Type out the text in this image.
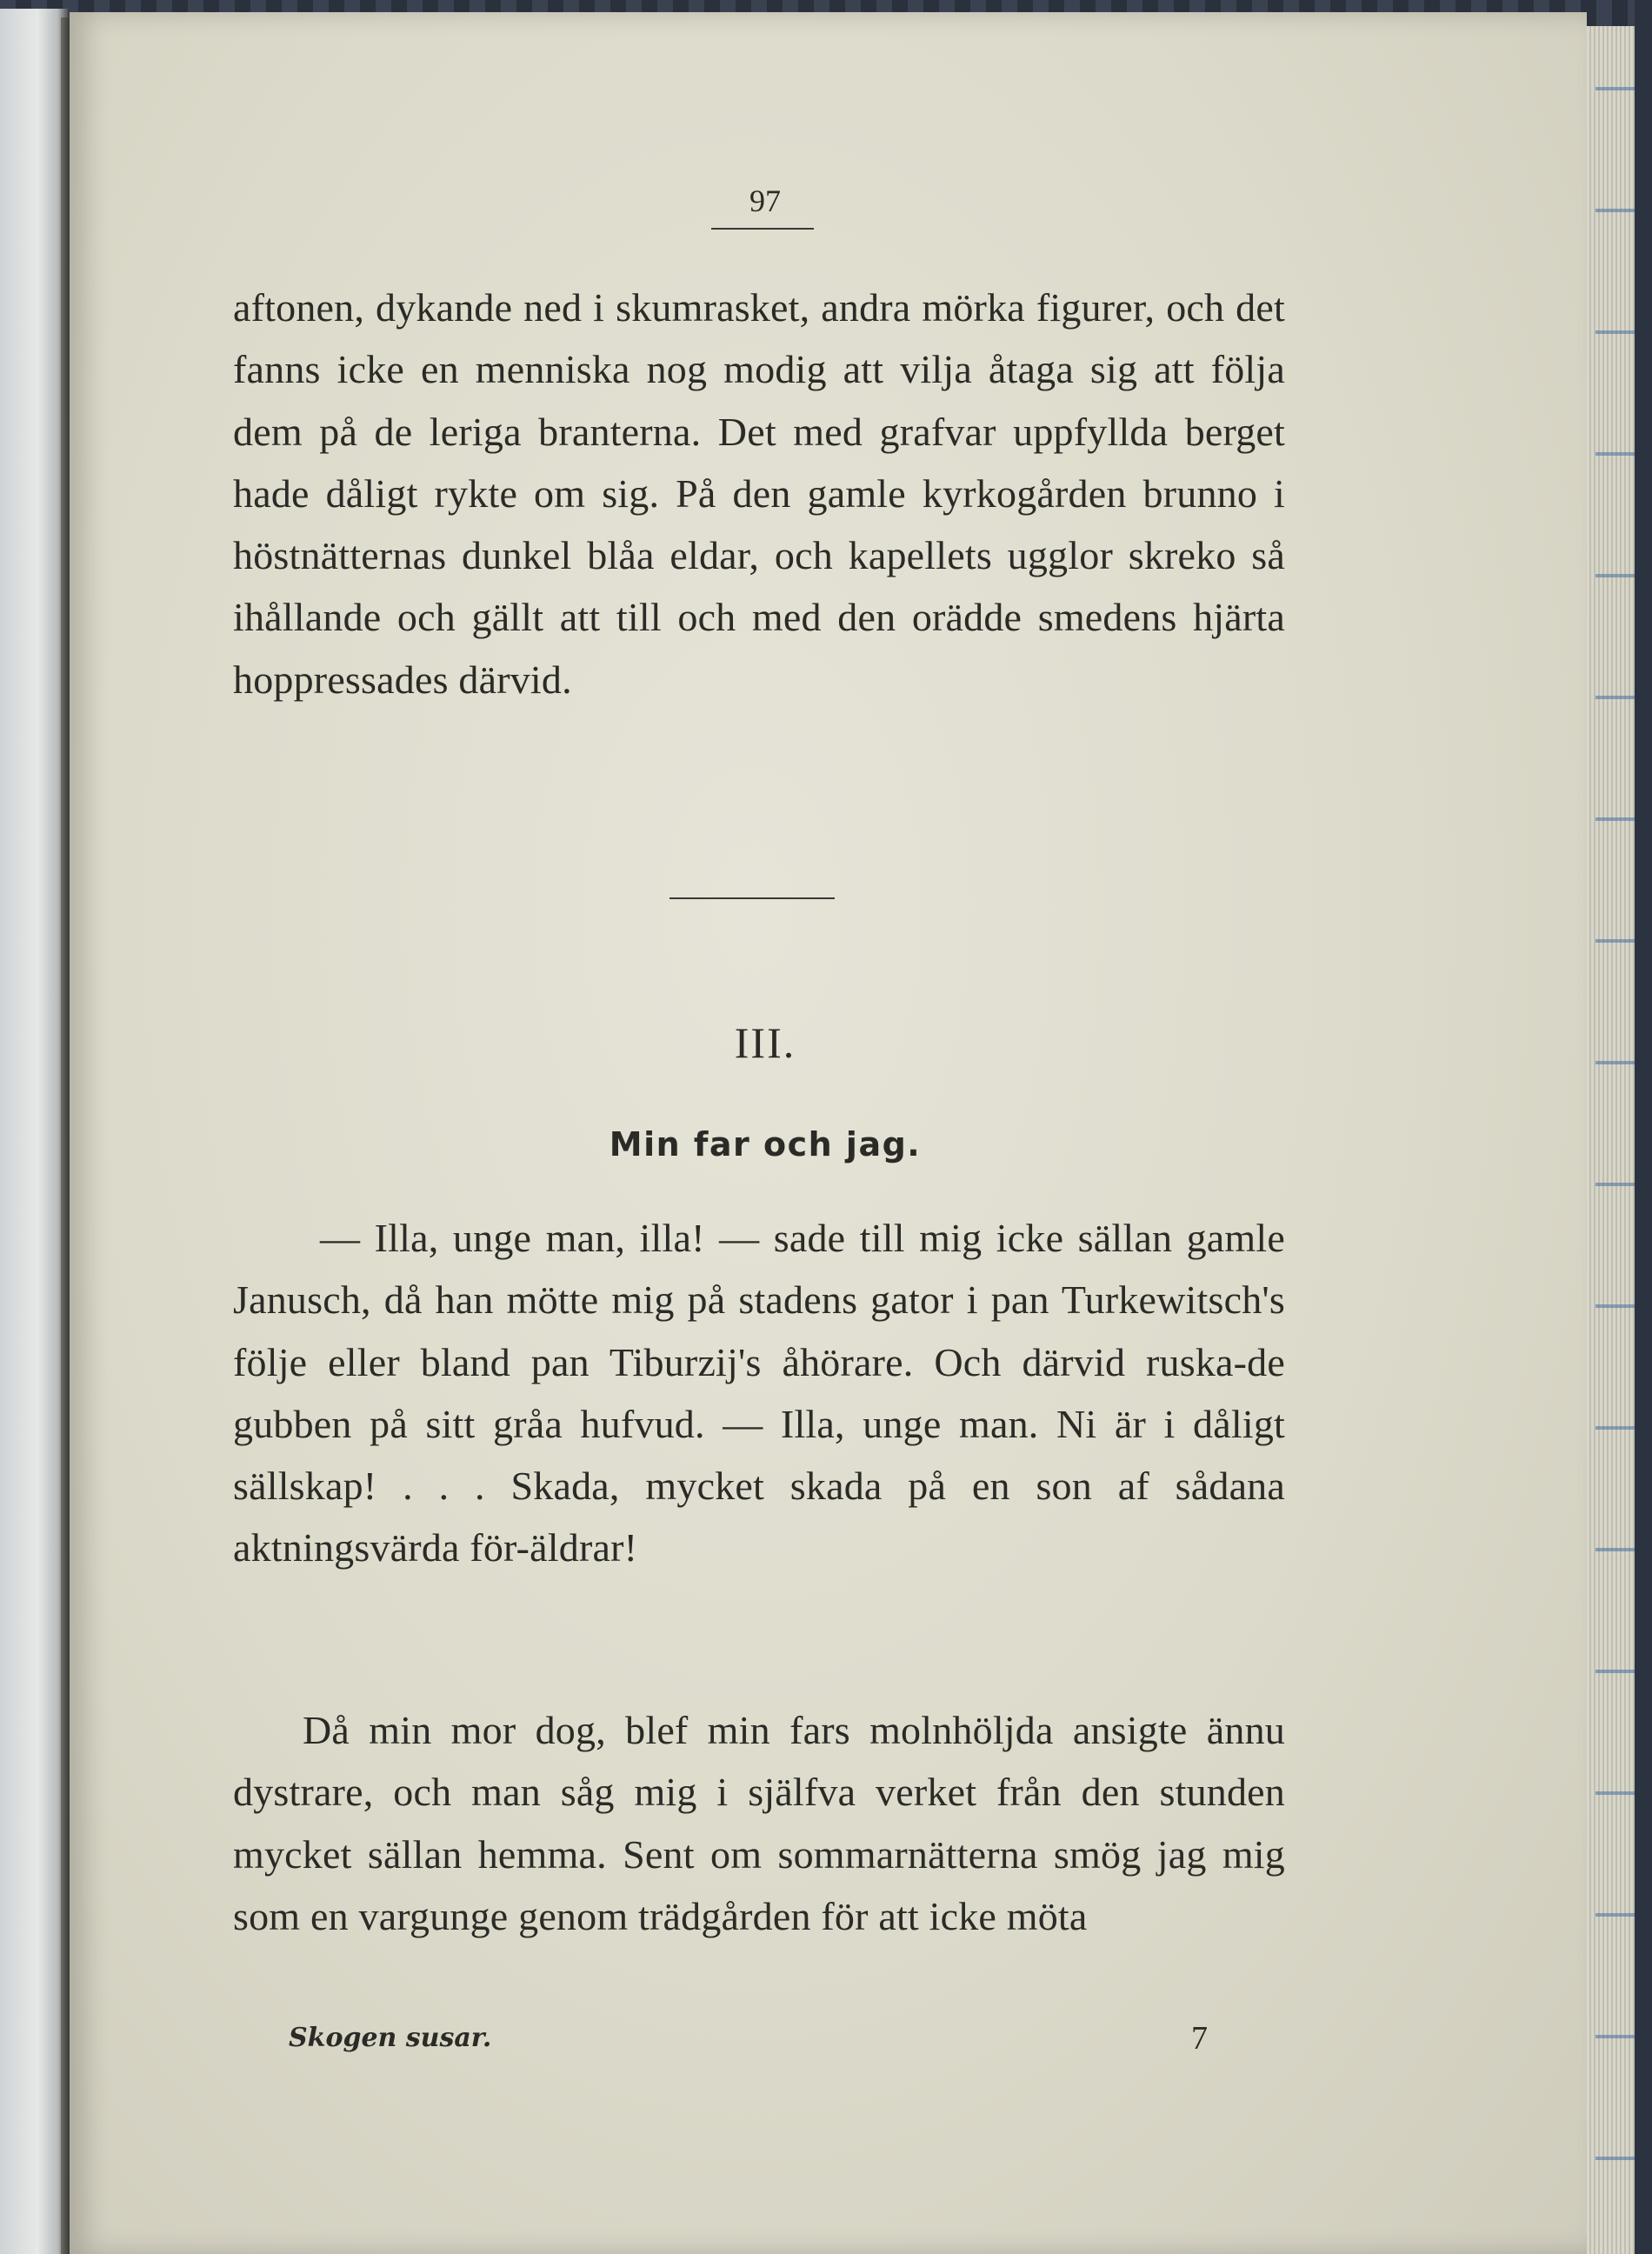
97

aftonen, dykande ned i skumrasket, andra mörka figurer, och det fanns icke en menniska nog modig att vilja åtaga sig att följa dem på de leriga branterna. Det med grafvar uppfyllda berget hade dåligt rykte om sig. På den gamle kyrkogården brunno i höstnätternas dunkel blåa eldar, och kapellets ugglor skreko så ihållande och gällt att till och med den orädde smedens hjärta hoppressades därvid.

III.
Min far och jag.

— Illa, unge man, illa! — sade till mig icke sällan gamle Janusch, då han mötte mig på stadens gator i pan Turkewitsch's följe eller bland pan Tiburzij's åhörare. Och därvid ruska-de gubben på sitt gråa hufvud. — Illa, unge man. Ni är i dåligt sällskap! . . . Skada, mycket skada på en son af sådana aktningsvärda för-äldrar!

Då min mor dog, blef min fars molnhöljda ansigte ännu dystrare, och man såg mig i själfva verket från den stunden mycket sällan hemma. Sent om sommarnätterna smög jag mig som en vargunge genom trädgården för att icke möta

Skogen susar.	7
